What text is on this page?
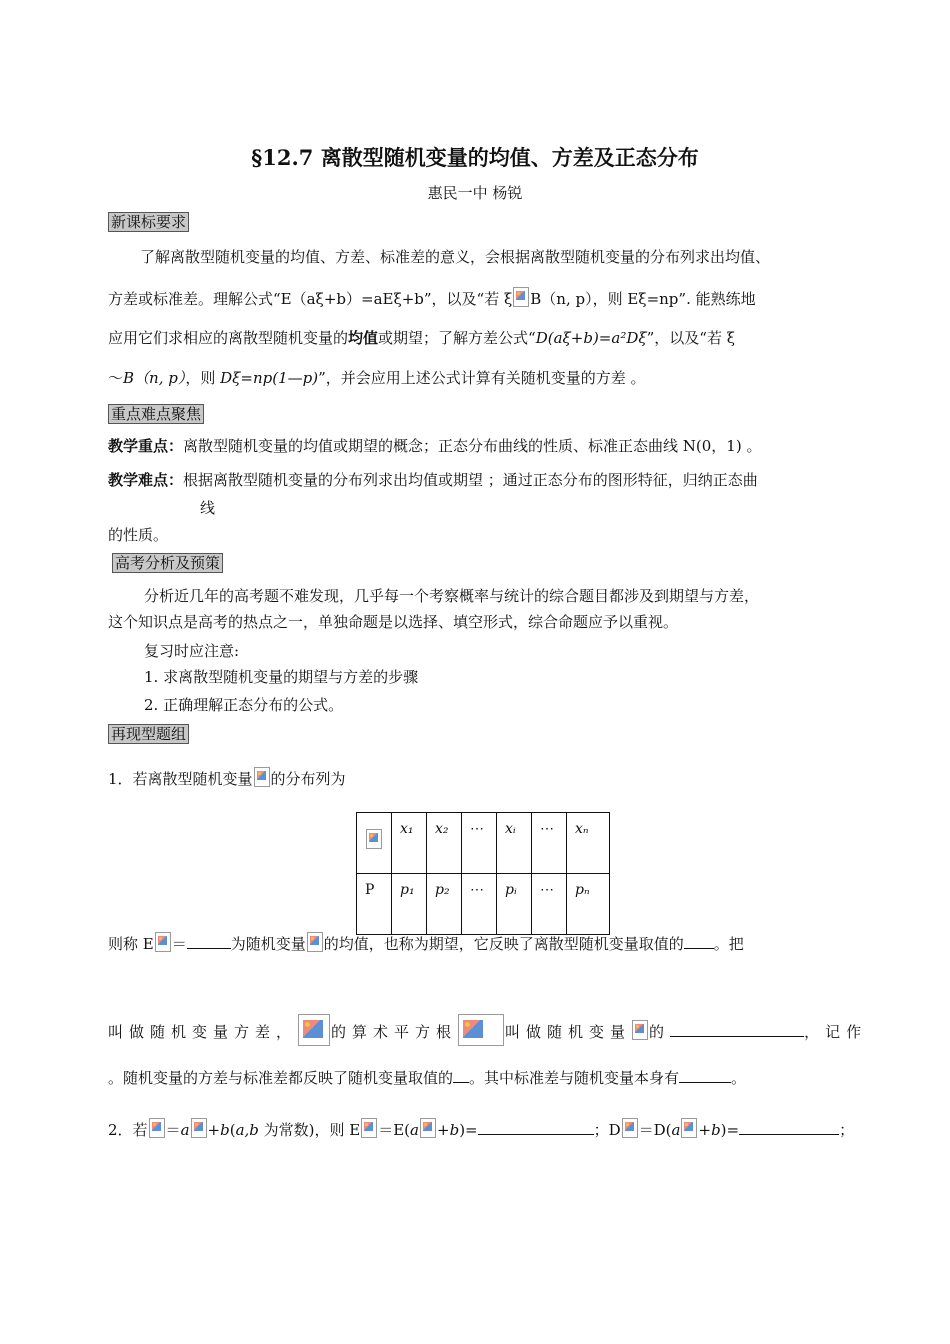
§12.7 离散型随机变量的均值、方差及正态分布
惠民一中 杨锐
新课标要求
了解离散型随机变量的均值、方差、标准差的意义，会根据离散型随机变量的分布列求出均值、
方差或标准差。理解公式“E（aξ+b）=aEξ+b”，以及“若 ξ B（n, p），则 Eξ=np”. 能熟练地
应用它们求相应的离散型随机变量的均值或期望；了解方差公式“D(aξ+b)=a²Dξ”，以及“若 ξ
～B（n, p），则 Dξ=np(1—p)”，并会应用上述公式计算有关随机变量的方差 。
重点难点聚焦
教学重点：离散型随机变量的均值或期望的概念；正态分布曲线的性质、标准正态曲线 N(0，1) 。
教学难点：根据离散型随机变量的分布列求出均值或期望 ；通过正态分布的图形特征，归纳正态曲
线
的性质。
高考分析及预策
分析近几年的高考题不难发现，几乎每一个考察概率与统计的综合题目都涉及到期望与方差，
这个知识点是高考的热点之一，单独命题是以选择、填空形式，综合命题应予以重视。
复习时应注意:
1. 求离散型随机变量的期望与方差的步骤
2. 正确理解正态分布的公式。
再现型题组
1．若离散型随机变量 的分布列为
	x₁	x₂	⋯	xᵢ	⋯	xₙ
P	p₁	p₂	⋯	pᵢ	⋯	pₙ
则称 E ＝	为随机变量 的均值，也称为期望，它反映了离散型随机变量取值的 。把
叫做随机变量方差， 的算术平方根	叫做随机变量 的	，记作
。随机变量的方差与标准差都反映了随机变量取值的 。其中标准差与随机变量本身有	。
2．若 ＝a +b(a,b 为常数)，则 E ＝E(a +b)=	；D ＝D(a +b)=	；
